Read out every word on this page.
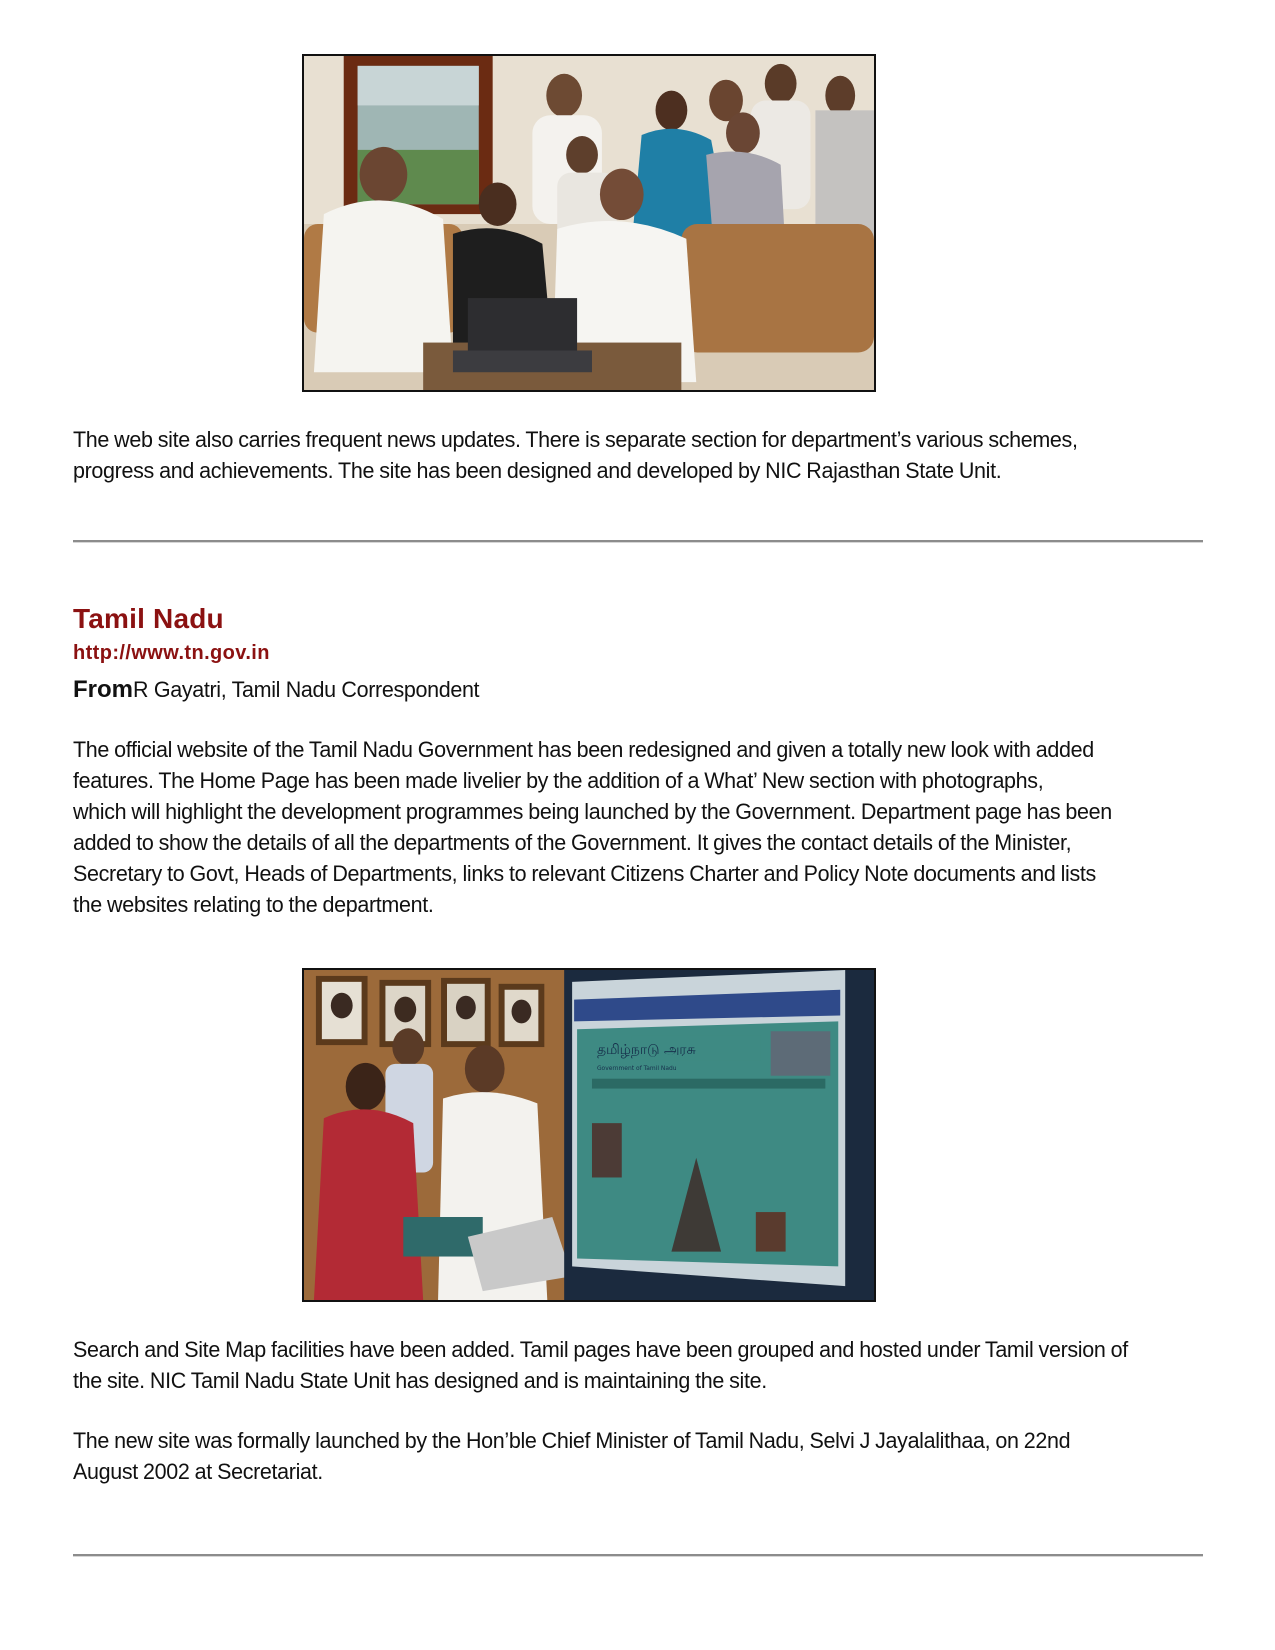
The web site also carries frequent news updates. There is separate section for department’s various schemes,
progress and achievements. The site has been designed and developed by NIC Rajasthan State Unit.
Tamil Nadu
http://www.tn.gov.in
FromR Gayatri, Tamil Nadu Correspondent
The official website of the Tamil Nadu Government has been redesigned and given a totally new look with added
features. The Home Page has been made livelier by the addition of a What’ New section with photographs,
which will highlight the development programmes being launched by the Government. Department page has been
added to show the details of all the departments of the Government. It gives the contact details of the Minister,
Secretary to Govt, Heads of Departments, links to relevant Citizens Charter and Policy Note documents and lists
the websites relating to the department.
தமிழ்நாடு அரசு
Government of Tamil Nadu
Search and Site Map facilities have been added. Tamil pages have been grouped and hosted under Tamil version of
the site. NIC Tamil Nadu State Unit has designed and is maintaining the site.
The new site was formally launched by the Hon’ble Chief Minister of Tamil Nadu, Selvi J Jayalalithaa, on 22nd
August 2002 at Secretariat.
